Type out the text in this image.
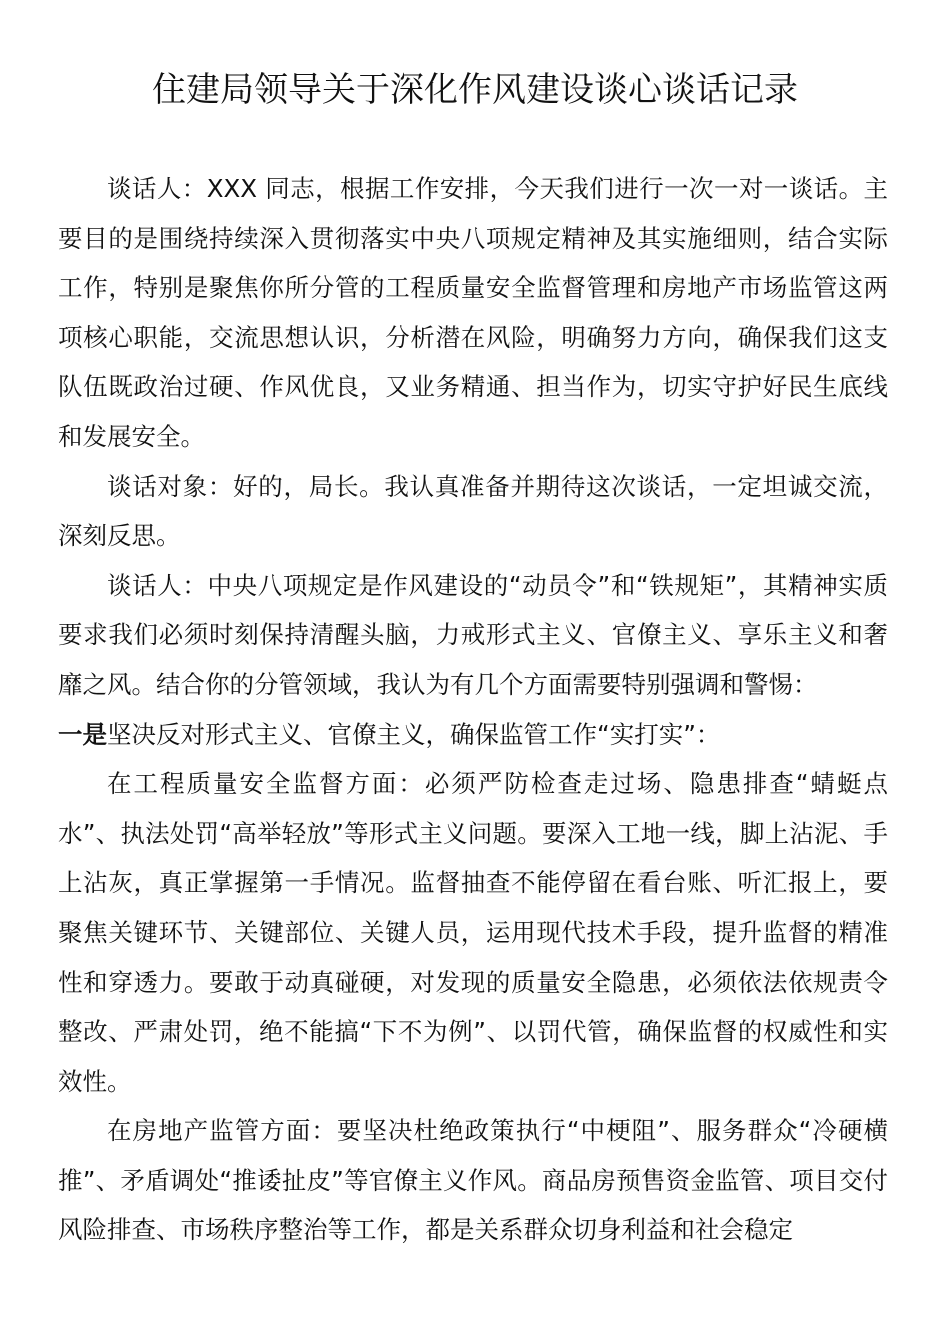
住建局领导关于深化作风建设谈心谈话记录

谈话人：XXX 同志，根据工作安排，今天我们进行一次一对一谈话。主要目的是围绕持续深入贯彻落实中央八项规定精神及其实施细则，结合实际工作，特别是聚焦你所分管的工程质量安全监督管理和房地产市场监管这两项核心职能，交流思想认识，分析潜在风险，明确努力方向，确保我们这支队伍既政治过硬、作风优良，又业务精通、担当作为，切实守护好民生底线和发展安全。

谈话对象：好的，局长。我认真准备并期待这次谈话，一定坦诚交流，深刻反思。

谈话人：中央八项规定是作风建设的“动员令”和“铁规矩”，其精神实质要求我们必须时刻保持清醒头脑，力戒形式主义、官僚主义、享乐主义和奢靡之风。结合你的分管领域，我认为有几个方面需要特别强调和警惕：

一是坚决反对形式主义、官僚主义，确保监管工作“实打实”：

在工程质量安全监督方面：必须严防检查走过场、隐患排查“蜻蜓点水”、执法处罚“高举轻放”等形式主义问题。要深入工地一线，脚上沾泥、手上沾灰，真正掌握第一手情况。监督抽查不能停留在看台账、听汇报上，要聚焦关键环节、关键部位、关键人员，运用现代技术手段，提升监督的精准性和穿透力。要敢于动真碰硬，对发现的质量安全隐患，必须依法依规责令整改、严肃处罚，绝不能搞“下不为例”、以罚代管，确保监督的权威性和实效性。

在房地产监管方面：要坚决杜绝政策执行“中梗阻”、服务群众“冷硬横推”、矛盾调处“推诿扯皮”等官僚主义作风。商品房预售资金监管、项目交付风险排查、市场秩序整治等工作，都是关系群众切身利益和社会稳定
